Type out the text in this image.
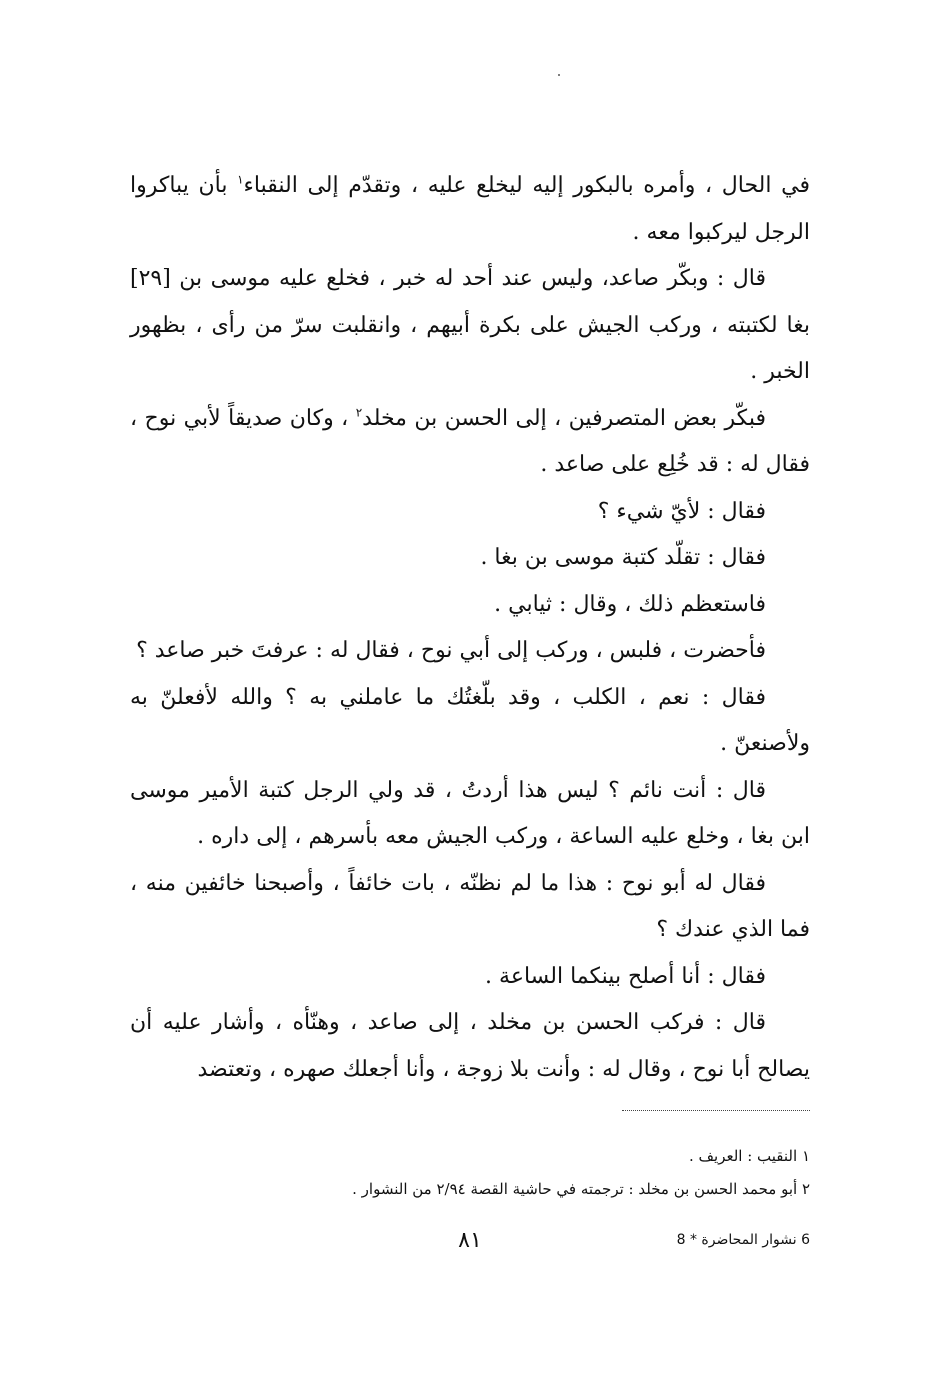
في الحال ، وأمره بالبكور إليه ليخلع عليه ، وتقدّم إلى النقباء$^١$ بأن يباكروا الرجل ليركبوا معه .

قال : وبكّر صاعد، وليس عند أحد له خبر ، فخلع عليه موسى بن [٢٩] بغا لكتبته ، وركب الجيش على بكرة أبيهم ، وانقلبت سرّ من رأى ، بظهور الخبر .

فبكّر بعض المتصرفين ، إلى الحسن بن مخلد$^٢$ ، وكان صديقاً لأبي نوح ، فقال له : قد خُلِع على صاعد .

فقال : لأيّ شيء ؟

فقال : تقلّد كتبة موسى بن بغا .

فاستعظم ذلك ، وقال : ثيابي .

فأحضرت ، فلبس ، وركب إلى أبي نوح ، فقال له : عرفتَ خبر صاعد ؟

فقال : نعم ، الكلب ، وقد بلّغتُك ما عاملني به ؟ والله لأفعلنّ به ولأصنعنّ .

قال : أنت نائم ؟ ليس هذا أردتُ ، قد ولي الرجل كتبة الأمير موسى ابن بغا ، وخلع عليه الساعة ، وركب الجيش معه بأسرهم ، إلى داره .

فقال له أبو نوح : هذا ما لم نظنّه ، بات خائفاً ، وأصبحنا خائفين منه ، فما الذي عندك ؟

فقال : أنا أصلح بينكما الساعة .

قال : فركب الحسن بن مخلد ، إلى صاعد ، وهنّأه ، وأشار عليه أن يصالح أبا نوح ، وقال له : وأنت بلا زوجة ، وأنا أجعلك صهره ، وتعتضد

١ النقيب : العريف .

٢ أبو محمد الحسن بن مخلد : ترجمته في حاشية القصة ٢/٩٤ من النشوار .

٨١	6 نشوار المحاضرة * 8
